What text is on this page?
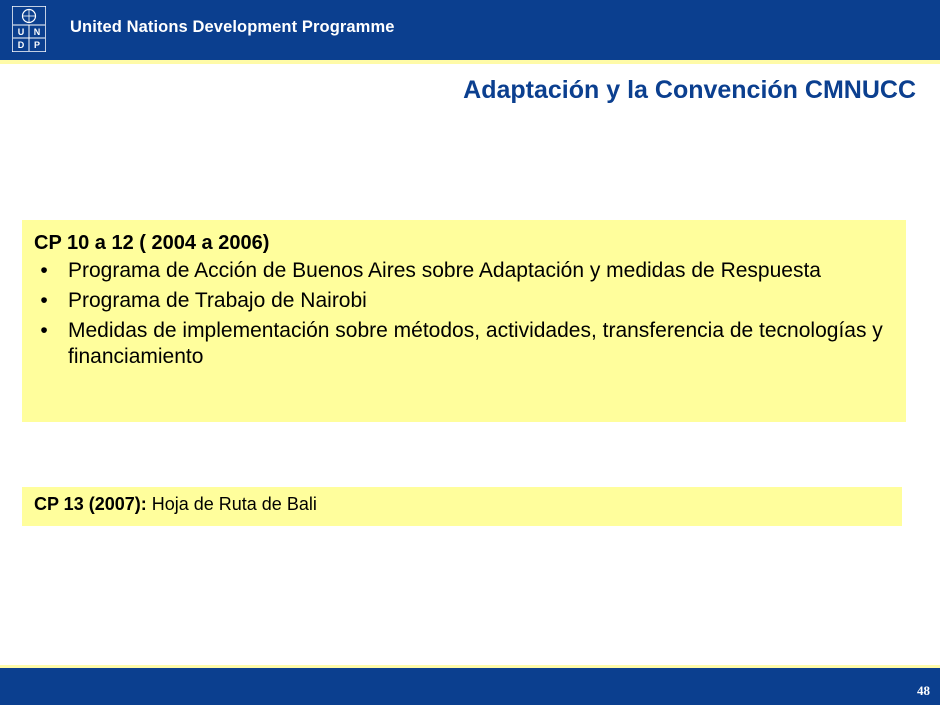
U N
D P
United Nations Development Programme
Adaptación y la Convención CMNUCC
CP 10 a 12 ( 2004 a 2006)
• Programa de Acción de Buenos Aires sobre Adaptación y medidas de Respuesta
• Programa de Trabajo de Nairobi
• Medidas de implementación sobre métodos, actividades, transferencia de tecnologías y financiamiento
CP 13 (2007): Hoja de Ruta de Bali
48
